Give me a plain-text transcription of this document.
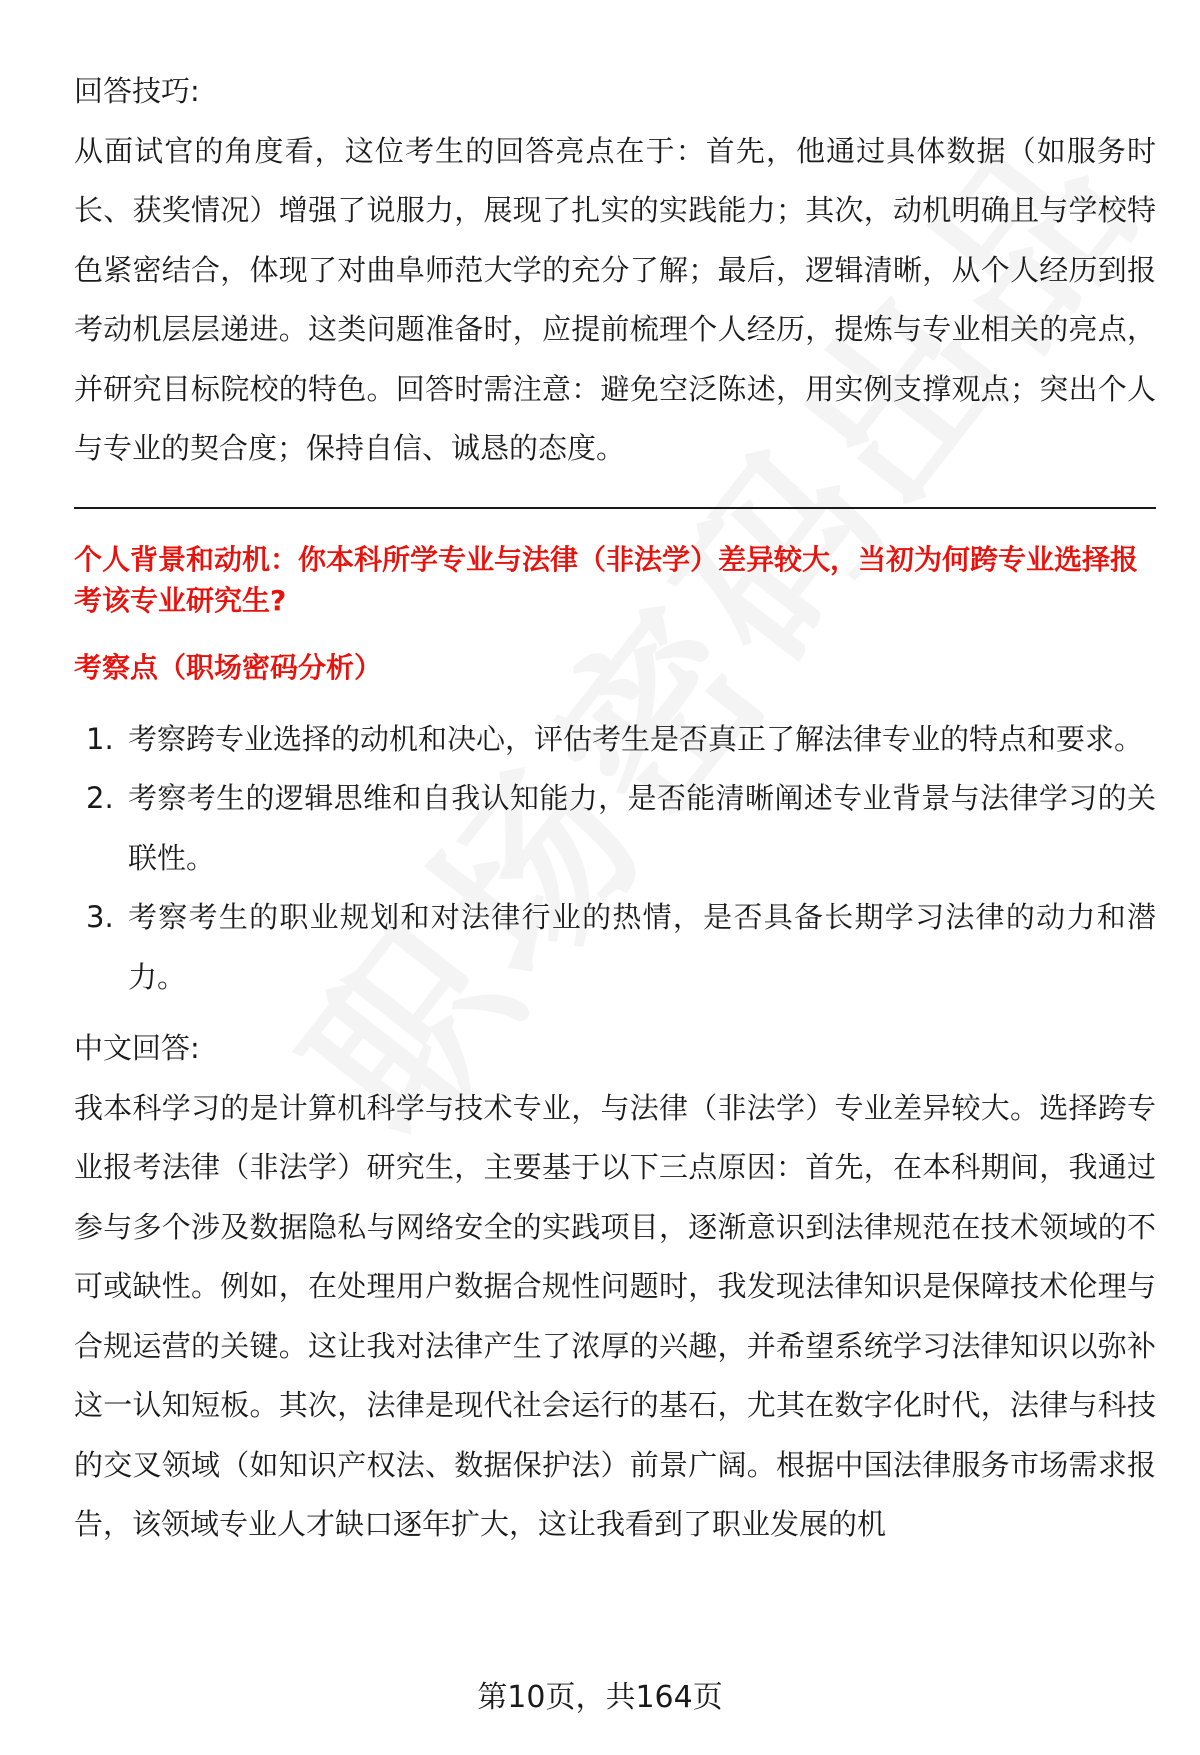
回答技巧:

从面试官的角度看，这位考生的回答亮点在于：首先，他通过具体数据（如服务时长、获奖情况）增强了说服力，展现了扎实的实践能力；其次，动机明确且与学校特色紧密结合，体现了对曲阜师范大学的充分了解；最后，逻辑清晰，从个人经历到报考动机层层递进。这类问题准备时，应提前梳理个人经历，提炼与专业相关的亮点，并研究目标院校的特色。回答时需注意：避免空泛陈述，用实例支撑观点；突出个人与专业的契合度；保持自信、诚恳的态度。

个人背景和动机：你本科所学专业与法律（非法学）差异较大，当初为何跨专业选择报考该专业研究生?

考察点（职场密码分析）

1. 考察跨专业选择的动机和决心，评估考生是否真正了解法律专业的特点和要求。
2. 考察考生的逻辑思维和自我认知能力，是否能清晰阐述专业背景与法律学习的关联性。
3. 考察考生的职业规划和对法律行业的热情，是否具备长期学习法律的动力和潜力。

中文回答:

我本科学习的是计算机科学与技术专业，与法律（非法学）专业差异较大。选择跨专业报考法律（非法学）研究生，主要基于以下三点原因：首先，在本科期间，我通过参与多个涉及数据隐私与网络安全的实践项目，逐渐意识到法律规范在技术领域的不可或缺性。例如，在处理用户数据合规性问题时，我发现法律知识是保障技术伦理与合规运营的关键。这让我对法律产生了浓厚的兴趣，并希望系统学习法律知识以弥补这一认知短板。其次，法律是现代社会运行的基石，尤其在数字化时代，法律与科技的交叉领域（如知识产权法、数据保护法）前景广阔。根据中国法律服务市场需求报告，该领域专业人才缺口逐年扩大，这让我看到了职业发展的机

第10页，共164页
